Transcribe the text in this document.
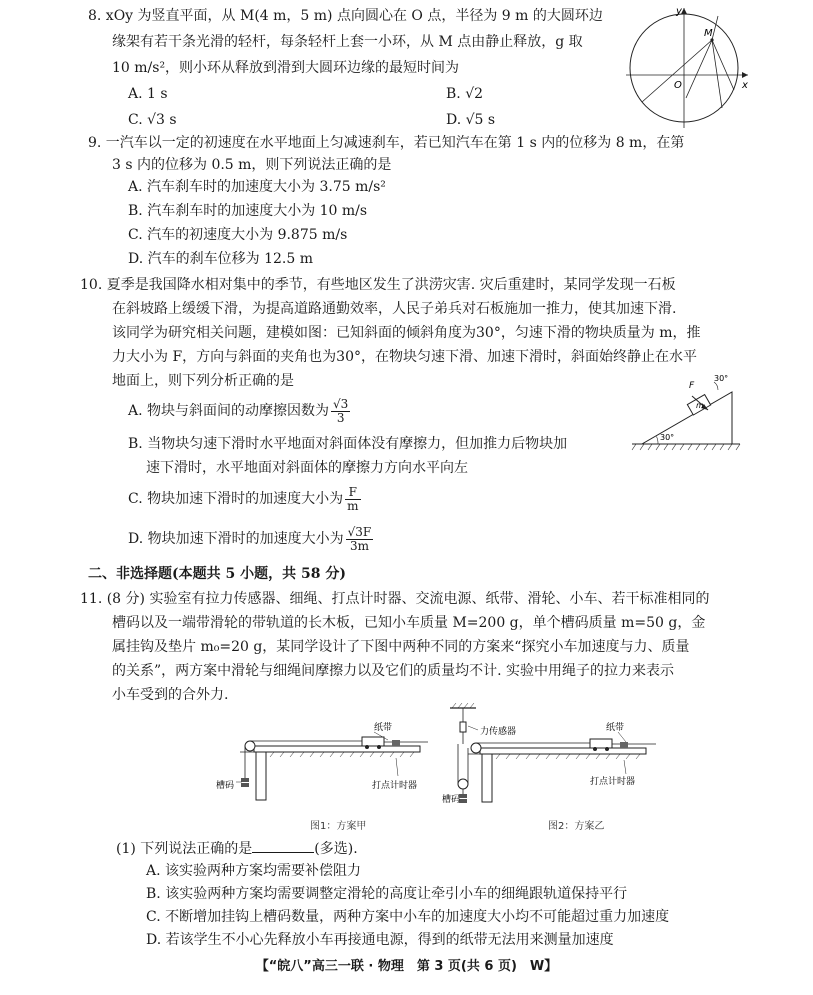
8. xOy 为竖直平面，从 M(4 m，5 m) 点向圆心在 O 点，半径为 9 m 的大圆环边
缘架有若干条光滑的轻杆，每条轻杆上套一小环，从 M 点由静止释放，g 取
10 m/s²，则小环从释放到滑到大圆环边缘的最短时间为
A. 1 s	B. √2
C. √3 s	D. √5 s
y
x
M
O
9. 一汽车以一定的初速度在水平地面上匀减速刹车，若已知汽车在第 1 s 内的位移为 8 m，在第
3 s 内的位移为 0.5 m，则下列说法正确的是
A. 汽车刹车时的加速度大小为 3.75 m/s²
B. 汽车刹车时的加速度大小为 10 m/s
C. 汽车的初速度大小为 9.875 m/s
D. 汽车的刹车位移为 12.5 m
10. 夏季是我国降水相对集中的季节，有些地区发生了洪涝灾害. 灾后重建时，某同学发现一石板
在斜坡路上缓缓下滑，为提高道路通勤效率，人民子弟兵对石板施加一推力，使其加速下滑.
该同学为研究相关问题，建模如图：已知斜面的倾斜角度为30°，匀速下滑的物块质量为 m，推
力大小为 F，方向与斜面的夹角也为30°，在物块匀速下滑、加速下滑时，斜面始终静止在水平
地面上，则下列分析正确的是
A. 物块与斜面间的动摩擦因数为 $\frac{√3}{3}$
B. 当物块匀速下滑时水平地面对斜面体没有摩擦力，但加推力后物块加
速下滑时，水平地面对斜面体的摩擦力方向水平向左
C. 物块加速下滑时的加速度大小为 $\frac{F}{m}$
D. 物块加速下滑时的加速度大小为 $\frac{√3F}{3m}$
F
m
30°
30°
二、非选择题(本题共 5 小题，共 58 分)
11. (8 分) 实验室有拉力传感器、细绳、打点计时器、交流电源、纸带、滑轮、小车、若干标准相同的
槽码以及一端带滑轮的带轨道的长木板，已知小车质量 M=200 g，单个槽码质量 m=50 g，金
属挂钩及垫片 m₀=20 g，某同学设计了下图中两种不同的方案来“探究小车加速度与力、质量
的关系”，两方案中滑轮与细绳间摩擦力以及它们的质量均不计. 实验中用绳子的拉力来表示
小车受到的合外力.
纸带
槽码	打点计时器
图1：方案甲
力传感器	纸带
槽码
打点计时器
图2：方案乙
(1) 下列说法正确的是	(多选).
A. 该实验两种方案均需要补偿阻力
B. 该实验两种方案均需要调整定滑轮的高度让牵引小车的细绳跟轨道保持平行
C. 不断增加挂钩上槽码数量，两种方案中小车的加速度大小均不可能超过重力加速度
D. 若该学生不小心先释放小车再接通电源，得到的纸带无法用来测量加速度
【“皖八”高三一联 · 物理　第 3 页(共 6 页)　W】
